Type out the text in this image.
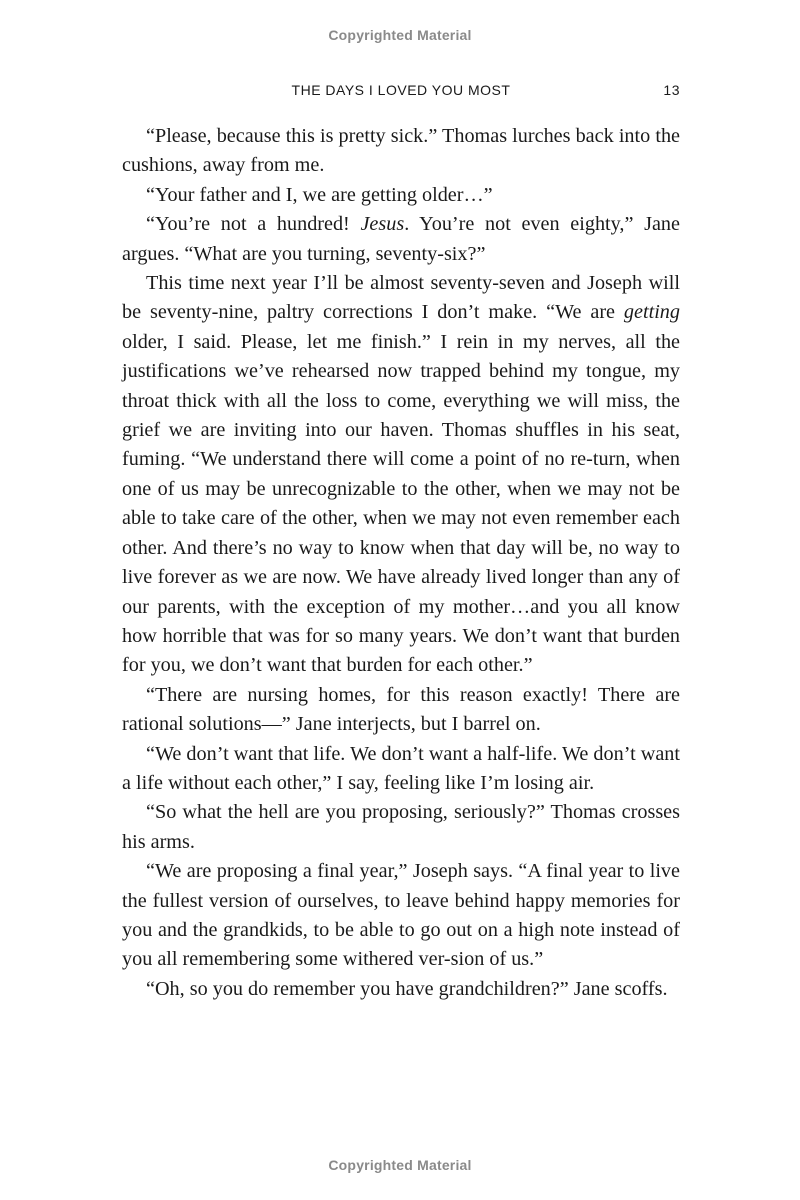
Copyrighted Material
THE DAYS I LOVED YOU MOST	13

“Please, because this is pretty sick.” Thomas lurches back into the cushions, away from me.

“Your father and I, we are getting older…”

“You’re not a hundred! Jesus. You’re not even eighty,” Jane argues. “What are you turning, seventy-six?”

This time next year I’ll be almost seventy-seven and Joseph will be seventy-nine, paltry corrections I don’t make. “We are getting older, I said. Please, let me finish.” I rein in my nerves, all the justifications we’ve rehearsed now trapped behind my tongue, my throat thick with all the loss to come, everything we will miss, the grief we are inviting into our haven. Thomas shuffles in his seat, fuming. “We understand there will come a point of no re-turn, when one of us may be unrecognizable to the other, when we may not be able to take care of the other, when we may not even remember each other. And there’s no way to know when that day will be, no way to live forever as we are now. We have already lived longer than any of our parents, with the exception of my mother…and you all know how horrible that was for so many years. We don’t want that burden for you, we don’t want that burden for each other.”

“There are nursing homes, for this reason exactly! There are rational solutions—” Jane interjects, but I barrel on.

“We don’t want that life. We don’t want a half-life. We don’t want a life without each other,” I say, feeling like I’m losing air.

“So what the hell are you proposing, seriously?” Thomas crosses his arms.

“We are proposing a final year,” Joseph says. “A final year to live the fullest version of ourselves, to leave behind happy memories for you and the grandkids, to be able to go out on a high note instead of you all remembering some withered ver-sion of us.”

“Oh, so you do remember you have grandchildren?” Jane scoffs.

Copyrighted Material
